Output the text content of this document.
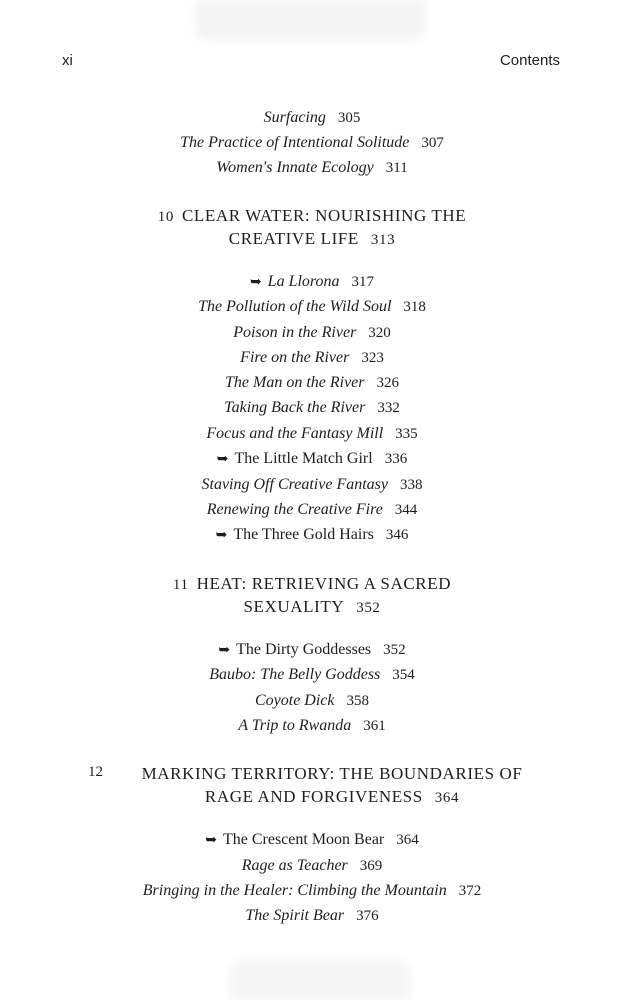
xi	Contents
Surfacing 305
The Practice of Intentional Solitude 307
Women's Innate Ecology 311
10 CLEAR WATER: NOURISHING THE
CREATIVE LIFE 313
➥ La Llorona 317
The Pollution of the Wild Soul 318
Poison in the River 320
Fire on the River 323
The Man on the River 326
Taking Back the River 332
Focus and the Fantasy Mill 335
➥ The Little Match Girl 336
Staving Off Creative Fantasy 338
Renewing the Creative Fire 344
➥ The Three Gold Hairs 346
11 HEAT: RETRIEVING A SACRED
SEXUALITY 352
➥ The Dirty Goddesses 352
Baubo: The Belly Goddess 354
Coyote Dick 358
A Trip to Rwanda 361
12	MARKING TERRITORY: THE BOUNDARIES OF
RAGE AND FORGIVENESS 364
➥ The Crescent Moon Bear 364
Rage as Teacher 369
Bringing in the Healer: Climbing the Mountain 372
The Spirit Bear 376
